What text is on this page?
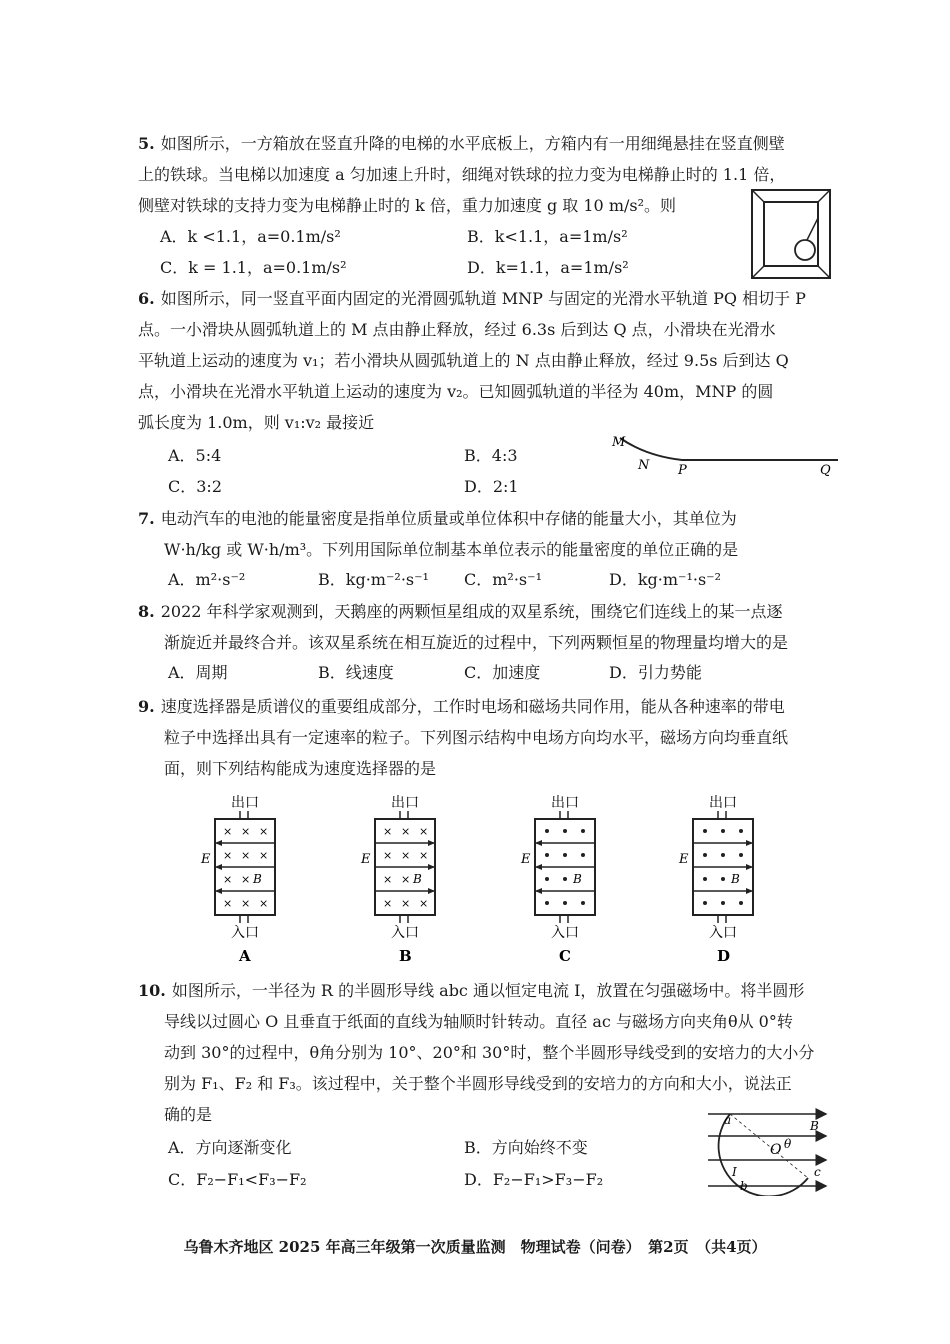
5. 如图所示，一方箱放在竖直升降的电梯的水平底板上，方箱内有一用细绳悬挂在竖直侧壁
上的铁球。当电梯以加速度 a 匀加速上升时，细绳对铁球的拉力变为电梯静止时的 1.1 倍，
侧壁对铁球的支持力变为电梯静止时的 k 倍，重力加速度 g 取 10 m/s²。则
A．k <1.1，a=0.1m/s²	B．k<1.1，a=1m/s²
C．k = 1.1，a=0.1m/s²	D．k=1.1，a=1m/s²
6. 如图所示，同一竖直平面内固定的光滑圆弧轨道 MNP 与固定的光滑水平轨道 PQ 相切于 P
点。一小滑块从圆弧轨道上的 M 点由静止释放，经过 6.3s 后到达 Q 点，小滑块在光滑水
平轨道上运动的速度为 v₁；若小滑块从圆弧轨道上的 N 点由静止释放，经过 9.5s 后到达 Q
点，小滑块在光滑水平轨道上运动的速度为 v₂。已知圆弧轨道的半径为 40m，MNP 的圆
弧长度为 1.0m，则 v₁:v₂ 最接近
A．5:4	B．4:3
C．3:2	D．2:1
M
N P	Q
7. 电动汽车的电池的能量密度是指单位质量或单位体积中存储的能量大小，其单位为
W·h/kg 或 W·h/m³。下列用国际单位制基本单位表示的能量密度的单位正确的是
A．m²·s⁻²	B．kg·m⁻²·s⁻¹ C．m²·s⁻¹	D．kg·m⁻¹·s⁻²
8. 2022 年科学家观测到，天鹅座的两颗恒星组成的双星系统，围绕它们连线上的某一点逐
渐旋近并最终合并。该双星系统在相互旋近的过程中，下列两颗恒星的物理量均增大的是
A．周期	B．线速度	C．加速度	D．引力势能
9. 速度选择器是质谱仪的重要组成部分，工作时电场和磁场共同作用，能从各种速率的带电
粒子中选择出具有一定速率的粒子。下列图示结构中电场方向均水平，磁场方向均垂直纸
面，则下列结构能成为速度选择器的是
出口
× × ×
× × ×
× ×
× × ×
B
E
入口
A
出口
× × ×
× × ×
× ×
× × ×
B
E
入口
B
出口
B
E
入口
C
出口
B
E
入口
D
10. 如图所示，一半径为 R 的半圆形导线 abc 通以恒定电流 I，放置在匀强磁场中。将半圆形
导线以过圆心 O 且垂直于纸面的直线为轴顺时针转动。直径 ac 与磁场方向夹角θ从 0°转
动到 30°的过程中，θ角分别为 10°、20°和 30°时，整个半圆形导线受到的安培力的大小分
别为 F₁、F₂ 和 F₃。该过程中，关于整个半圆形导线受到的安培力的方向和大小，说法正
确的是
A．方向逐渐变化	B．方向始终不变
C．F₂−F₁<F₃−F₂	D．F₂−F₁>F₃−F₂
a	B
O θ
I
b
c
乌鲁木齐地区 2025 年高三年级第一次质量监测　物理试卷（问卷）　第2页　（共4页）
